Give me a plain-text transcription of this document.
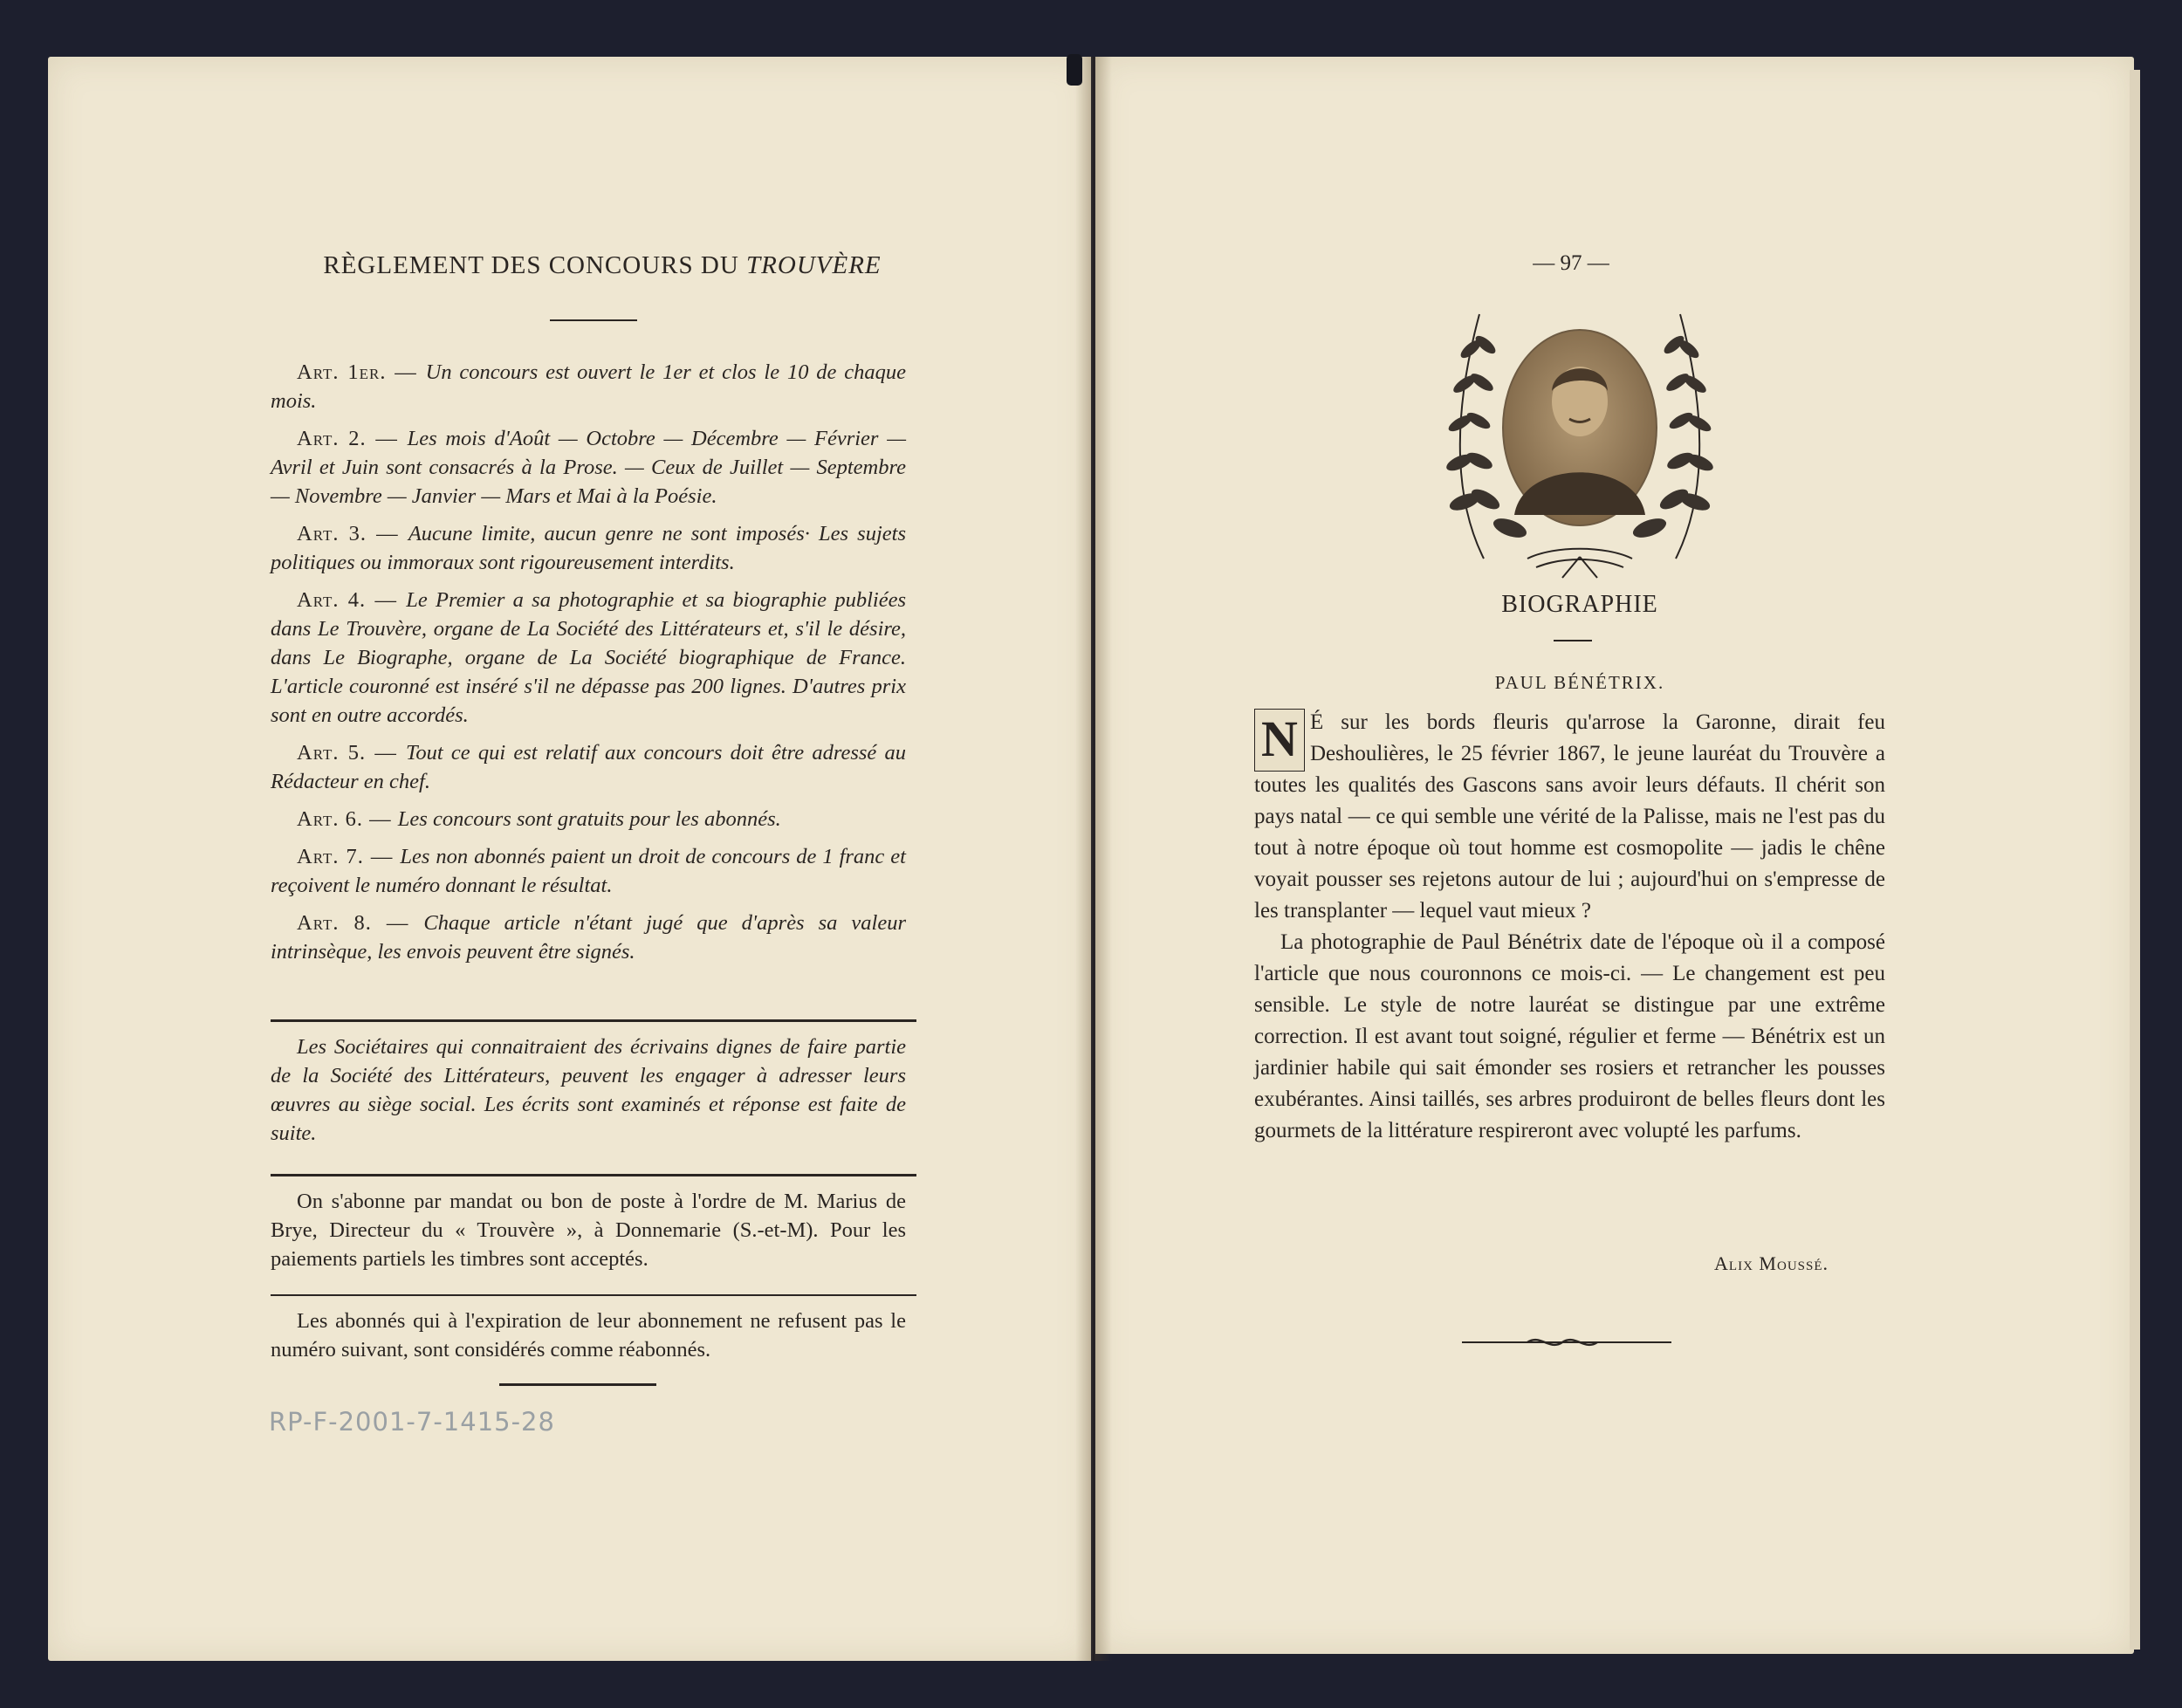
RÈGLEMENT DES CONCOURS DU TROUVÈRE

Art. 1er. — Un concours est ouvert le 1er et clos le 10 de chaque mois.

Art. 2. — Les mois d'Août — Octobre — Décembre — Février — Avril et Juin sont consacrés à la Prose. — Ceux de Juillet — Septembre — Novembre — Janvier — Mars et Mai à la Poésie.

Art. 3. — Aucune limite, aucun genre ne sont imposés· Les sujets politiques ou immoraux sont rigoureusement interdits.

Art. 4. — Le Premier a sa photographie et sa biographie publiées dans Le Trouvère, organe de La Société des Littérateurs et, s'il le désire, dans Le Biographe, organe de La Société biographique de France. L'article couronné est inséré s'il ne dépasse pas 200 lignes. D'autres prix sont en outre accordés.

Art. 5. — Tout ce qui est relatif aux concours doit être adressé au Rédacteur en chef.

Art. 6. — Les concours sont gratuits pour les abonnés.

Art. 7. — Les non abonnés paient un droit de concours de 1 franc et reçoivent le numéro donnant le résultat.

Art. 8. — Chaque article n'étant jugé que d'après sa valeur intrinsèque, les envois peuvent être signés.

Les Sociétaires qui connaitraient des écrivains dignes de faire partie de la Société des Littérateurs, peuvent les engager à adresser leurs œuvres au siège social. Les écrits sont examinés et réponse est faite de suite.

On s'abonne par mandat ou bon de poste à l'ordre de M. Marius de Brye, Directeur du « Trouvère », à Donnemarie (S.-et-M). Pour les paiements partiels les timbres sont acceptés.

Les abonnés qui à l'expiration de leur abonnement ne refusent pas le numéro suivant, sont considérés comme réabonnés.

RP-F-2001-7-1415-28
— 97 —
BIOGRAPHIE
PAUL BÉNÉTRIX.
N É sur les bords fleuris qu'arrose la Garonne, dirait feu Deshoulières, le 25 février 1867, le jeune lauréat du Trouvère a toutes les qualités des Gascons sans avoir leurs défauts. Il chérit son pays natal — ce qui semble une vérité de la Palisse, mais ne l'est pas du tout à notre époque où tout homme est cosmopolite — jadis le chêne voyait pousser ses rejetons autour de lui ; aujourd'hui on s'empresse de les transplanter — lequel vaut mieux ?

La photographie de Paul Bénétrix date de l'époque où il a composé l'article que nous couronnons ce mois-ci. — Le changement est peu sensible. Le style de notre lauréat se distingue par une extrême correction. Il est avant tout soigné, régulier et ferme — Bénétrix est un jardinier habile qui sait émonder ses rosiers et retrancher les pousses exubérantes. Ainsi taillés, ses arbres produiront de belles fleurs dont les gourmets de la littérature respireront avec volupté les parfums.

Alix Moussé.
